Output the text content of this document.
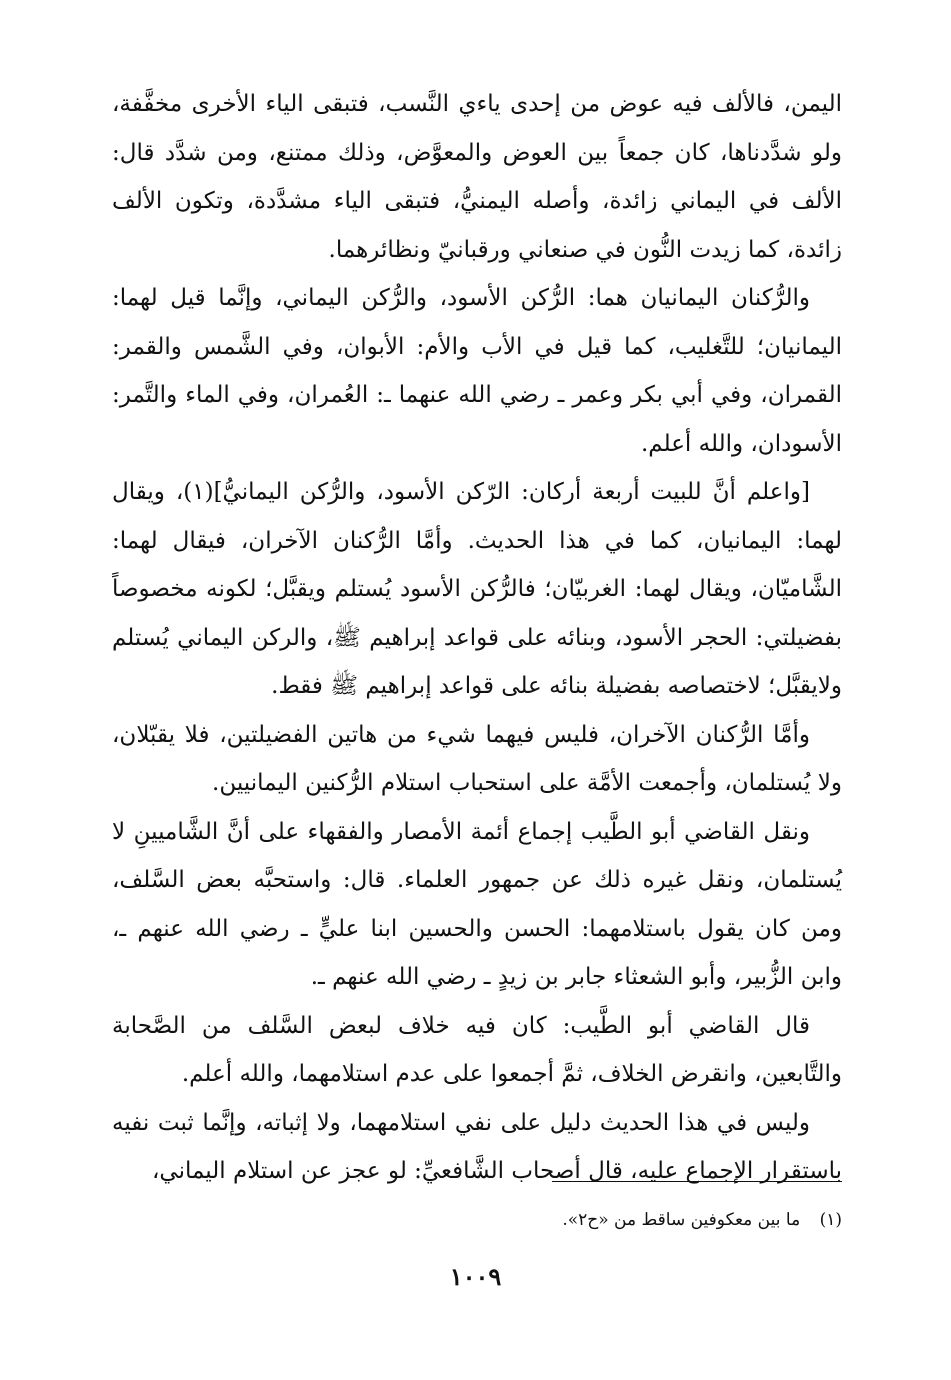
اليمن، فالألف فيه عوض من إحدى ياءي النَّسب، فتبقى الياء الأخرى مخفَّفة، ولو شدَّدناها، كان جمعاً بين العوض والمعوَّض، وذلك ممتنع، ومن شدَّد قال: الألف في اليماني زائدة، وأصله اليمنيُّ، فتبقى الياء مشدَّدة، وتكون الألف زائدة، كما زيدت النُّون في صنعاني ورقبانيّ ونظائرهما.

والرُّكنان اليمانيان هما: الرُّكن الأسود، والرُّكن اليماني، وإنَّما قيل لهما: اليمانيان؛ للتَّغليب، كما قيل في الأب والأم: الأبوان، وفي الشَّمس والقمر: القمران، وفي أبي بكر وعمر ـ رضي الله عنهما ـ: العُمران، وفي الماء والتَّمر: الأسودان، والله أعلم.

[واعلم أنَّ للبيت أربعة أركان: الرّكن الأسود، والرُّكن اليمانيُّ](١)، ويقال لهما: اليمانيان، كما في هذا الحديث. وأمَّا الرُّكنان الآخران، فيقال لهما: الشَّاميّان، ويقال لهما: الغربيّان؛ فالرُّكن الأسود يُستلم ويقبَّل؛ لكونه مخصوصاً بفضيلتي: الحجر الأسود، وبنائه على قواعد إبراهيم ﷺ، والركن اليماني يُستلم ولايقبَّل؛ لاختصاصه بفضيلة بنائه على قواعد إبراهيم ﷺ فقط.

وأمَّا الرُّكنان الآخران، فليس فيهما شيء من هاتين الفضيلتين، فلا يقبّلان، ولا يُستلمان، وأجمعت الأمَّة على استحباب استلام الرُّكنين اليمانيين.

ونقل القاضي أبو الطَّيب إجماع أئمة الأمصار والفقهاء على أنَّ الشَّاميينِ لا يُستلمان، ونقل غيره ذلك عن جمهور العلماء. قال: واستحبَّه بعض السَّلف، ومن كان يقول باستلامهما: الحسن والحسين ابنا عليٍّ ـ رضي الله عنهم ـ، وابن الزُّبير، وأبو الشعثاء جابر بن زيدٍ ـ رضي الله عنهم ـ.

قال القاضي أبو الطَّيب: كان فيه خلاف لبعض السَّلف من الصَّحابة والتَّابعين، وانقرض الخلاف، ثمَّ أجمعوا على عدم استلامهما، والله أعلم.

وليس في هذا الحديث دليل على نفي استلامهما، ولا إثباته، وإنَّما ثبت نفيه باستقرار الإجماع عليه، قال أصحاب الشَّافعيِّ: لو عجز عن استلام اليماني،

(١) ما بين معكوفين ساقط من «ح٢».
١٠٠٩
